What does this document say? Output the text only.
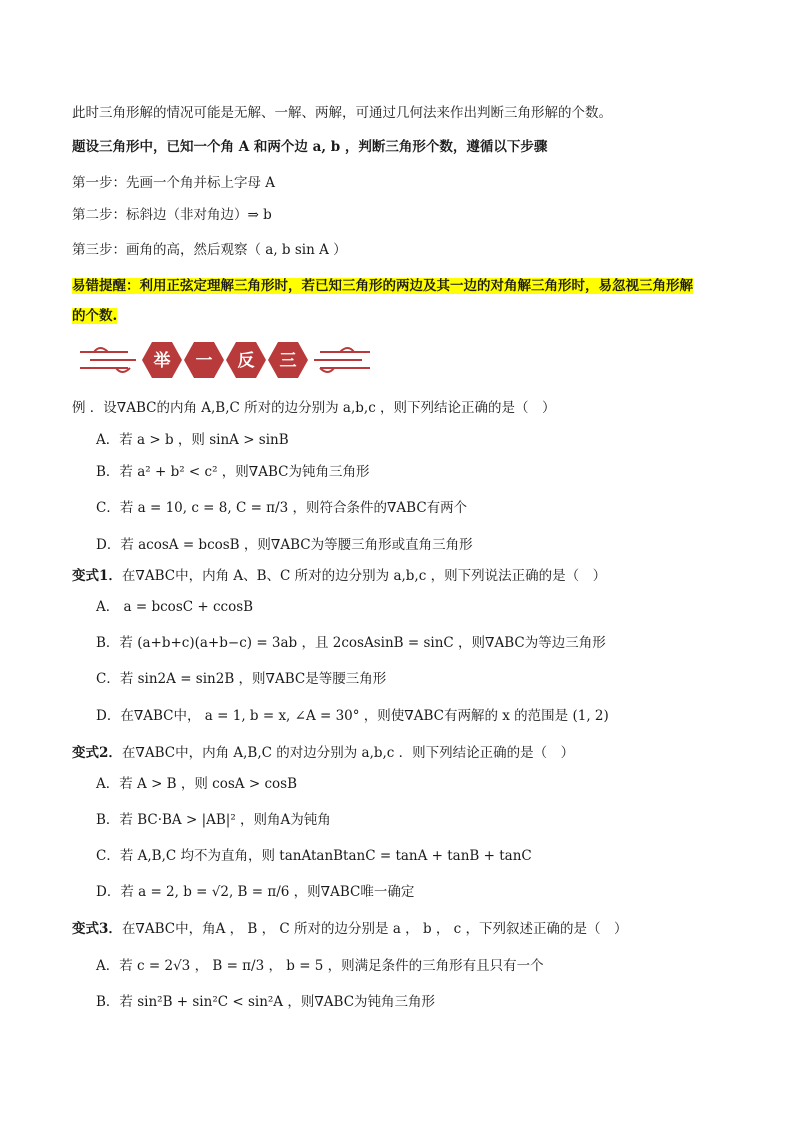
此时三角形解的情况可能是无解、一解、两解，可通过几何法来作出判断三角形解的个数。
题设三角形中，已知一个角 A 和两个边 a, b ，判断三角形个数，遵循以下步骤
第一步：先画一个角并标上字母 A
第二步：标斜边（非对角边）⇒ b
第三步：画角的高，然后观察（ a, b sin A ）
易错提醒：利用正弦定理解三角形时，若已知三角形的两边及其一边的对角解三角形时，易忽视三角形解
的个数.
举 一 反 三
例 ．设∇ABC的内角 A,B,C 所对的边分别为 a,b,c ，则下列结论正确的是（　）
A．若 a > b ，则 sinA > sinB
B．若 a² + b² < c² ，则∇ABC为钝角三角形
C．若 a = 10, c = 8, C = π/3 ，则符合条件的∇ABC有两个
D．若 acosA = bcosB ，则∇ABC为等腰三角形或直角三角形
变式1．在∇ABC中，内角 A、B、C 所对的边分别为 a,b,c ，则下列说法正确的是（　）
A． a = bcosC + ccosB
B．若 (a+b+c)(a+b−c) = 3ab ，且 2cosAsinB = sinC ，则∇ABC为等边三角形
C．若 sin2A = sin2B ，则∇ABC是等腰三角形
D．在∇ABC中， a = 1, b = x, ∠A = 30° ，则使∇ABC有两解的 x 的范围是 (1, 2)
变式2．在∇ABC中，内角 A,B,C 的对边分别为 a,b,c ．则下列结论正确的是（　）
A．若 A > B ，则 cosA > cosB
B．若 BC·BA > |AB|² ，则角A为钝角
C．若 A,B,C 均不为直角，则 tanAtanBtanC = tanA + tanB + tanC
D．若 a = 2, b = √2, B = π/6 ，则∇ABC唯一确定
变式3．在∇ABC中，角A ， B ， C 所对的边分别是 a ， b ， c ，下列叙述正确的是（　）
A．若 c = 2√3 ， B = π/3 ， b = 5 ，则满足条件的三角形有且只有一个
B．若 sin²B + sin²C < sin²A ，则∇ABC为钝角三角形
